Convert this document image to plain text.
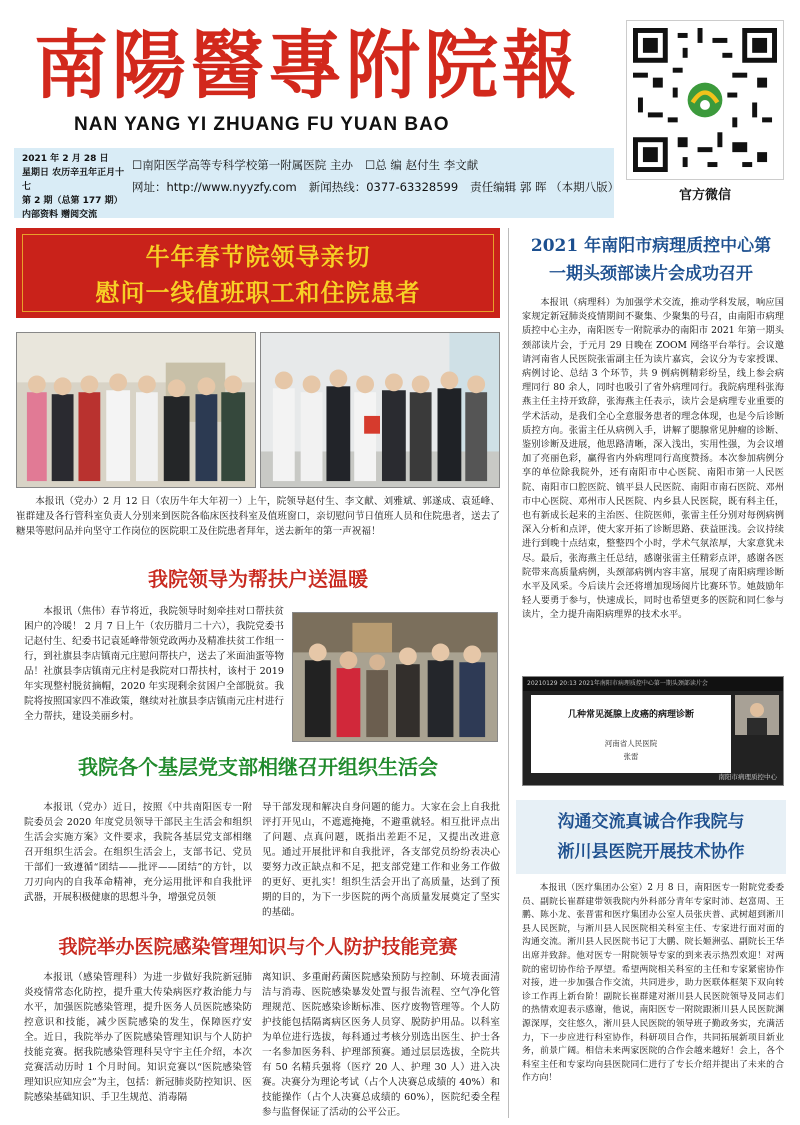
南陽醫專附院報
NAN YANG YI ZHUANG FU YUAN BAO
官方微信
2021 年 2 月 28 日
星期日 农历辛丑年正月十七
第 2 期（总第 177 期）
内部资料 赠阅交流
☐南阳医学高等专科学校第一附属医院 主办 ☐总 编 赵付生 李文献
网址：http://www.nyyzfy.com 新闻热线：0377-63328599 责任编辑 郭 晖 （本期八版）
牛年春节院领导亲切
慰问一线值班职工和住院患者

本报讯（党办）2 月 12 日（农历牛年大年初一）上午，院领导赵付生、李文献、刘雅斌、郭遂成、袁延峰、崔群建及各行管科室负责人分别来到医院各临床医技科室及值班窗口，亲切慰问节日值班人员和住院患者，送去了糖果等慰问品并向坚守工作岗位的医院职工及住院患者拜年，送去新年的第一声祝福！

我院领导为帮扶户送温暖

本报讯（焦伟）春节将近，我院领导时刻牵挂对口帮扶贫困户的冷暖！ 2 月 7 日上午（农历腊月二十六），我院党委书记赵付生、纪委书记袁延峰带领党政两办及精准扶贫工作组一行，到社旗县李店镇南元庄慰问帮扶户，送去了米面油蛋等物品！社旗县李店镇南元庄村是我院对口帮扶村，该村于 2019 年实现整村脱贫摘帽，2020 年实现剩余贫困户全部脱贫。我院将按照国家四不准政策，继续对社旗县李店镇南元庄村进行全力帮扶，建设美丽乡村。

我院各个基层党支部相继召开组织生活会

本报讯（党办）近日，按照《中共南阳医专一附院委员会 2020 年度党员领导干部民主生活会和组织生活会实施方案》文件要求，我院各基层党支部相继召开组织生活会。在组织生活会上，支部书记、党员干部们一致遵循“团结——批评——团结”的方针，以刀刃向内的自我革命精神，充分运用批评和自我批评武器，开展积极健康的思想斗争，增强党员领

导干部发现和解决自身问题的能力。大家在会上自我批评打开见山，不遮遮掩掩，不避重就轻。相互批评点出了问题、点真问题，既指出差距不足，又提出改进意见。通过开展批评和自我批评，各支部党员纷纷表决心要努力改正缺点和不足，把支部党建工作和业务工作做的更好、更扎实！组织生活会开出了高质量，达到了预期的目的，为下一步医院的两个高质量发展奠定了坚实的基础。

我院举办医院感染管理知识与个人防护技能竞赛

本报讯（感染管理科）为进一步做好我院新冠肺炎疫情常态化防控，提升重大传染病医疗救治能力与水平，加强医院感染管理，提升医务人员医院感染防控意识和技能，减少医院感染的发生，保障医疗安全。近日，我院举办了医院感染管理知识与个人防护技能竞赛。据我院感染管理科吴守宇主任介绍，本次竞赛活动历时 1 个月时间。知识竞赛以“医院感染管理知识应知应会”为主，包括：新冠肺炎防控知识、医院感染基础知识、手卫生规范、消毒隔

离知识、多重耐药菌医院感染预防与控制、环境表面清洁与消毒、医院感染暴发处置与报告流程、空气净化管理规范、医院感染诊断标准、医疗废物管理等。个人防护技能包括隔离病区医务人员穿、脱防护用品。以科室为单位进行选拔，每科通过考核分别选出医生、护士各一名参加医务科、护理部预赛。通过层层选拔，全院共有 50 名精兵强将（医疗 20 人、护理 30 人）进入决赛。决赛分为理论考试（占个人决赛总成绩的 40%）和技能操作（占个人决赛总成绩的 60%），医院纪委全程参与监督保证了活动的公平公正。

2021 年南阳市病理质控中心第
一期头颈部读片会成功召开

本报讯（病理科）为加强学术交流，推动学科发展，响应国家规定新冠肺炎疫情期间不聚集、少聚集的号召，由南阳市病理质控中心主办，南阳医专一附院承办的南阳市 2021 年第一期头颈部读片会，于元月 29 日晚在 ZOOM 网络平台举行。会议邀请河南省人民医院张雷副主任为读片嘉宾，会议分为专家授课、病例讨论、总结 3 个环节，共 9 例病例精彩纷呈，线上参会病理同行 80 余人，同时也吸引了省外病理同行。我院病理科张海燕主任主持开致辞，张海燕主任表示，读片会是病理专业重要的学术活动，是我们全心全意服务患者的理念体现，也是今后诊断质控方向。张雷主任从病例入手，讲解了腮腺常见肿瘤的诊断、鉴别诊断及进展，他思路清晰，深入浅出，实用性强，为会议增加了亮丽色彩，赢得省内外病理同行高度赞扬。本次参加病例分享的单位除我院外，还有南阳市中心医院、南阳市第一人民医院、南阳市口腔医院、镇平县人民医院、南阳市南石医院、邓州市中心医院、邓州市人民医院、内乡县人民医院，既有科主任，也有新成长起来的主治医、住院医师，张雷主任分别对每例病例深入分析和点评，使大家开拓了诊断思路、获益匪浅。会议持续进行到晚十点结束，整整四个小时，学术气氛浓厚，大家意犹未尽。最后，张海燕主任总结，感谢张雷主任精彩点评，感谢各医院带来高质量病例，头颈部病例内容丰富，展现了南阳病理诊断水平及风采。今后读片会还将增加现场阅片比赛环节。她鼓励年轻人要勇于参与，快速成长，同时也希望更多的医院和同仁参与读片，全力提升南阳病理界的技术水平。

20210129 20:13 2021年南阳市病理质控中心第一期头颈部读片会
几种常见涎腺上皮癌的病理诊断
河南省人民医院
张雷
南阳市病理质控中心
沟通交流真诚合作我院与
淅川县医院开展技术协作

本报讯（医疗集团办公室）2 月 8 日，南阳医专一附院党委委员、副院长崔群建带领我院内外科部分青年专家时沛、赵富周、王鹏、陈小龙、张晋雷和医疗集团办公室人员张庆普、武树超到淅川县人民医院，与淅川县人民医院相关科室主任、专家进行面对面的沟通交流。淅川县人民医院书记丁大鹏、院长姬洲弘、副院长王华出席并致辞。他对医专一附院领导专家的到来表示热烈欢迎！对两院的密切协作给予厚望。希望两院相关科室的主任和专家紧密协作对接，进一步加强合作交流，共同进步，助力医联体框架下双向转诊工作再上新台阶！副院长崔群建对淅川县人民医院领导及同志们的热情欢迎表示感谢，他说，南阳医专一附院跟淅川县人民医院渊源深厚，交往悠久，淅川县人民医院的领导班子勤政务实，充满活力，下一步应进行科室协作，科研项目合作，共同拓展新项目新业务，前景广阔。相信未来两家医院的合作会越来越好！会上，各个科室主任和专家均向县医院同仁进行了专长介绍并提出了未来的合作方向！
